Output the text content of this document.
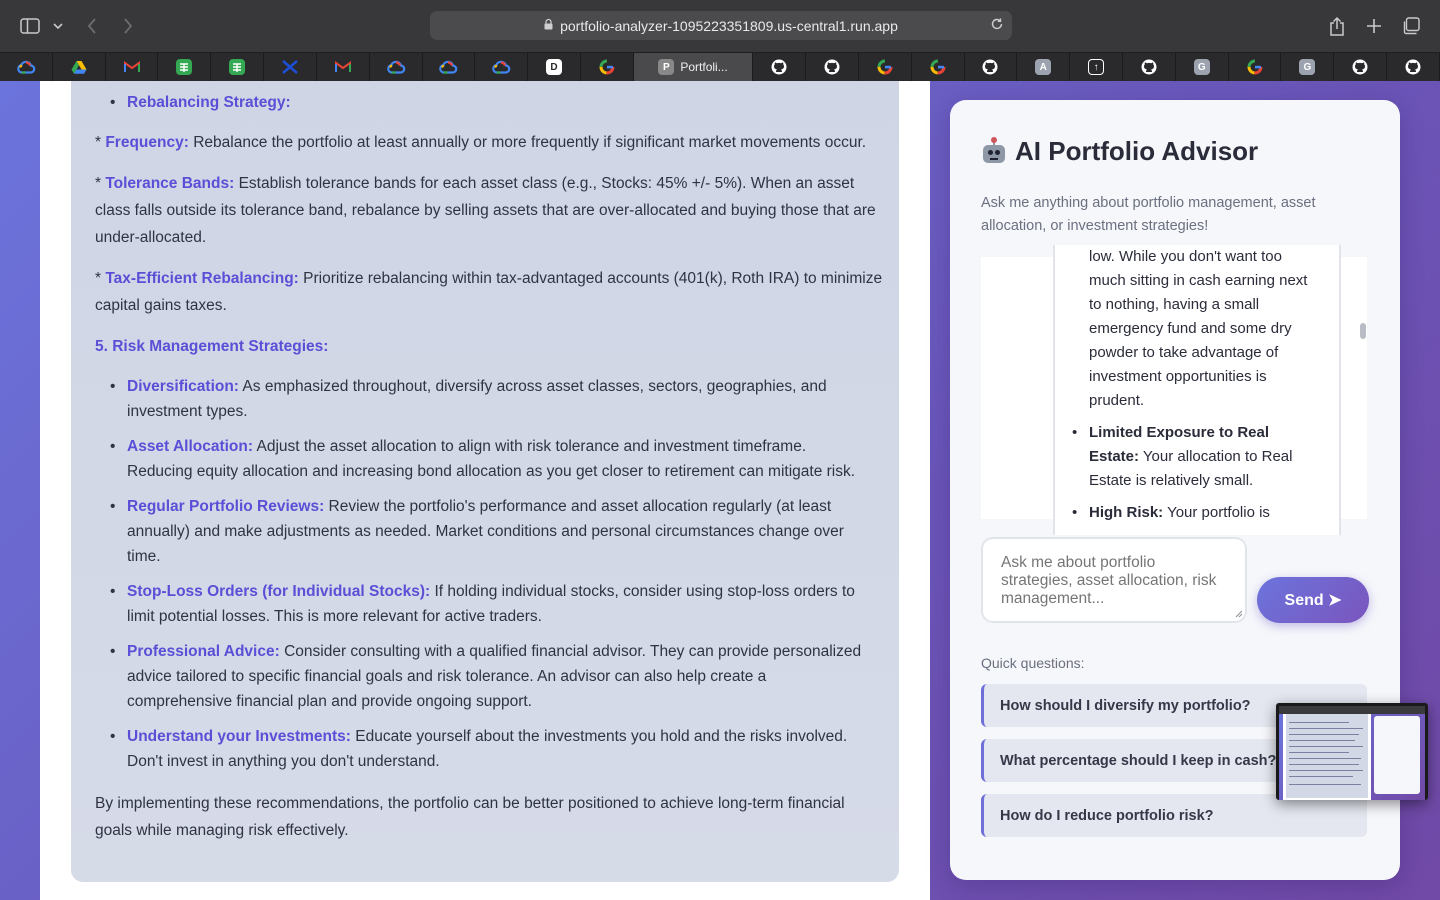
portfolio-analyzer-1095223351809.us-central1.run.app
D	P Portfoli...	A	↑	G	G
• Rebalancing Strategy:
* Frequency: Rebalance the portfolio at least annually or more frequently if significant market movements occur.
* Tolerance Bands: Establish tolerance bands for each asset class (e.g., Stocks: 45% +/- 5%). When an asset class falls outside its tolerance band, rebalance by selling assets that are over-allocated and buying those that are under-allocated.
* Tax-Efficient Rebalancing: Prioritize rebalancing within tax-advantaged accounts (401(k), Roth IRA) to minimize capital gains taxes.
5. Risk Management Strategies:
• Diversification: As emphasized throughout, diversify across asset classes, sectors, geographies, and investment types.
• Asset Allocation: Adjust the asset allocation to align with risk tolerance and investment timeframe. Reducing equity allocation and increasing bond allocation as you get closer to retirement can mitigate risk.
• Regular Portfolio Reviews: Review the portfolio's performance and asset allocation regularly (at least annually) and make adjustments as needed. Market conditions and personal circumstances change over time.
• Stop-Loss Orders (for Individual Stocks): If holding individual stocks, consider using stop-loss orders to limit potential losses. This is more relevant for active traders.
• Professional Advice: Consider consulting with a qualified financial advisor. They can provide personalized advice tailored to specific financial goals and risk tolerance. An advisor can also help create a comprehensive financial plan and provide ongoing support.
• Understand your Investments: Educate yourself about the investments you hold and the risks involved. Don't invest in anything you don't understand.
By implementing these recommendations, the portfolio can be better positioned to achieve long-term financial goals while managing risk effectively.
AI Portfolio Advisor
Ask me anything about portfolio management, asset allocation, or investment strategies!
low. While you don't want too much sitting in cash earning next to nothing, having a small emergency fund and some dry powder to take advantage of investment opportunities is prudent.
• Limited Exposure to Real Estate: Your allocation to Real Estate is relatively small.
• High Risk: Your portfolio is
Ask me about portfolio strategies, asset allocation, risk management...
Send ➤
Quick questions:
How should I diversify my portfolio?
What percentage should I keep in cash?
How do I reduce portfolio risk?
